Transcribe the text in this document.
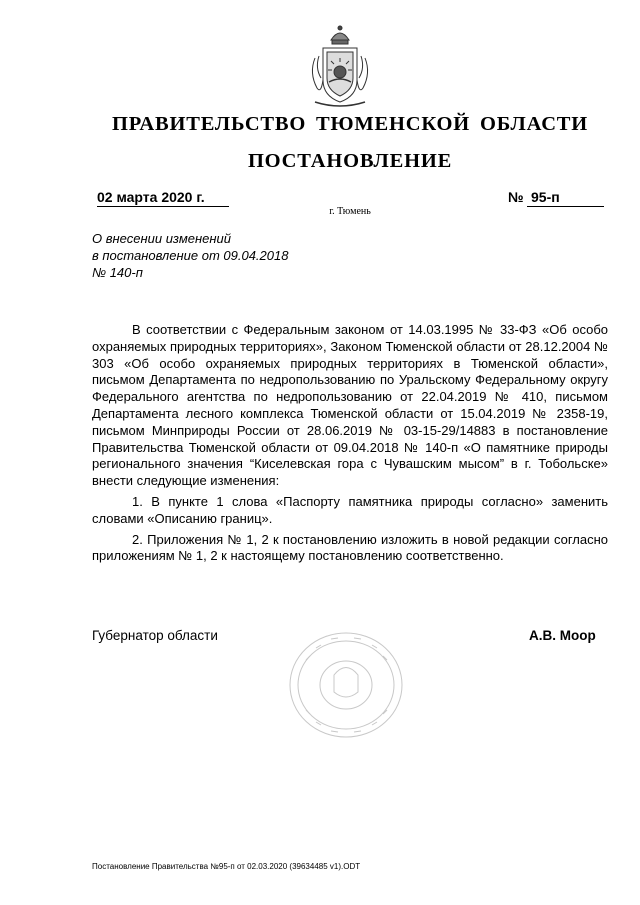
ПРАВИТЕЛЬСТВО ТЮМЕНСКОЙ ОБЛАСТИ
ПОСТАНОВЛЕНИЕ
02 марта 2020 г.	№ 95-п
г. Тюмень
О внесении изменений
в постановление от 09.04.2018
№ 140-п

В соответствии с Федеральным законом от 14.03.1995 № 33-ФЗ «Об особо охраняемых природных территориях», Законом Тюменской области от 28.12.2004 № 303 «Об особо охраняемых природных территориях в Тюменской области», письмом Департамента по недропользованию по Уральскому Федеральному округу Федерального агентства по недропользованию от 22.04.2019 № 410, письмом Департамента лесного комплекса Тюменской области от 15.04.2019 № 2358-19, письмом Минприроды России от 28.06.2019 № 03-15-29/14883 в постановление Правительства Тюменской области от 09.04.2018 № 140-п «О памятнике природы регионального значения “Киселевская гора с Чувашским мысом” в г. Тобольске» внести следующие изменения:

1. В пункте 1 слова «Паспорту памятника природы согласно» заменить словами «Описанию границ».

2. Приложения № 1, 2 к постановлению изложить в новой редакции согласно приложениям № 1, 2 к настоящему постановлению соответственно.

Губернатор области	А.В. Моор
Постановление Правительства №95-п от 02.03.2020 (39634485 v1).ODT
